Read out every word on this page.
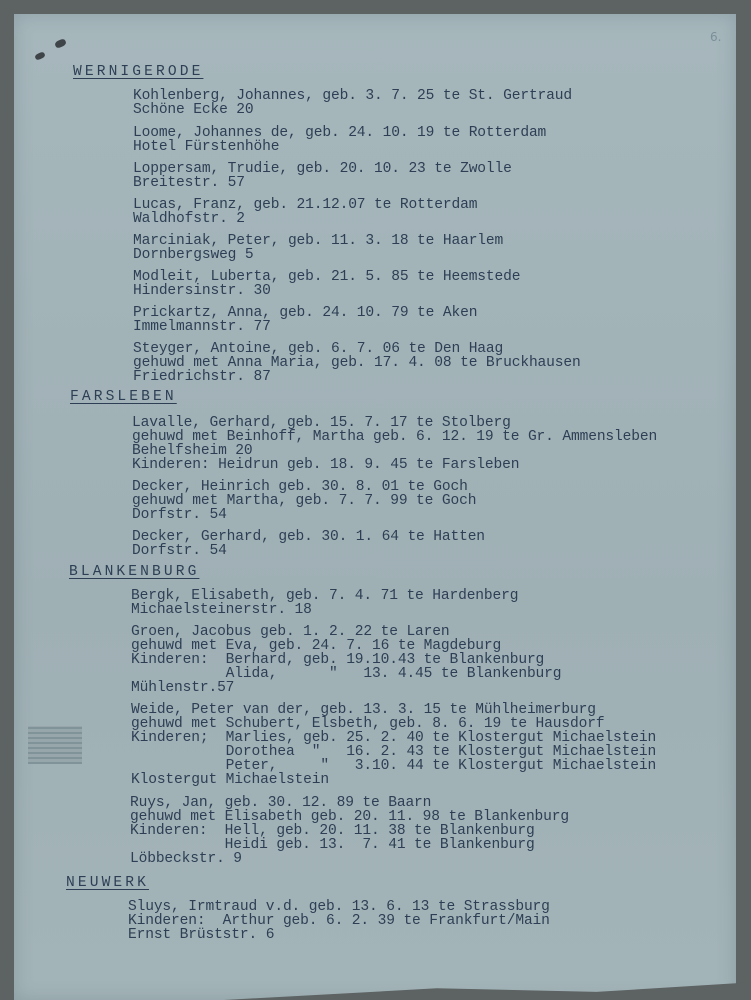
6.
WERNIGERODE
Kohlenberg, Johannes, geb. 3. 7. 25 te St. Gertraud
Schöne Ecke 20
Loome, Johannes de, geb. 24. 10. 19 te Rotterdam
Hotel Fürstenhöhe
Loppersam, Trudie, geb. 20. 10. 23 te Zwolle
Breitestr. 57
Lucas, Franz, geb. 21.12.07 te Rotterdam
Waldhofstr. 2
Marciniak, Peter, geb. 11. 3. 18 te Haarlem
Dornbergsweg 5
Modleit, Luberta, geb. 21. 5. 85 te Heemstede
Hindersinstr. 30
Prickartz, Anna, geb. 24. 10. 79 te Aken
Immelmannstr. 77
Steyger, Antoine, geb. 6. 7. 06 te Den Haag
gehuwd met Anna Maria, geb. 17. 4. 08 te Bruckhausen
Friedrichstr. 87
FARSLEBEN
Lavalle, Gerhard, geb. 15. 7. 17 te Stolberg
gehuwd met Beinhoff, Martha geb. 6. 12. 19 te Gr. Ammensleben
Behelfsheim 20
Kinderen: Heidrun geb. 18. 9. 45 te Farsleben
Decker, Heinrich geb. 30. 8. 01 te Goch
gehuwd met Martha, geb. 7. 7. 99 te Goch
Dorfstr. 54
Decker, Gerhard, geb. 30. 1. 64 te Hatten
Dorfstr. 54
BLANKENBURG
Bergk, Elisabeth, geb. 7. 4. 71 te Hardenberg
Michaelsteinerstr. 18
Groen, Jacobus geb. 1. 2. 22 te Laren
gehuwd met Eva, geb. 24. 7. 16 te Magdeburg
Kinderen:  Berhard, geb. 19.10.43 te Blankenburg
Alida,      "   13. 4.45 te Blankenburg
Mühlenstr.57
Weide, Peter van der, geb. 13. 3. 15 te Mühlheimerburg
gehuwd met Schubert, Elsbeth, geb. 8. 6. 19 te Hausdorf
Kinderen;  Marlies, geb. 25. 2. 40 te Klostergut Michaelstein
Dorothea  "   16. 2. 43 te Klostergut Michaelstein
Peter,     "   3.10. 44 te Klostergut Michaelstein
Klostergut Michaelstein
Ruys, Jan, geb. 30. 12. 89 te Baarn
gehuwd met Elisabeth geb. 20. 11. 98 te Blankenburg
Kinderen:  Hell, geb. 20. 11. 38 te Blankenburg
Heidi geb. 13.  7. 41 te Blankenburg
Löbbeckstr. 9
NEUWERK
Sluys, Irmtraud v.d. geb. 13. 6. 13 te Strassburg
Kinderen:  Arthur geb. 6. 2. 39 te Frankfurt/Main
Ernst Brüststr. 6
